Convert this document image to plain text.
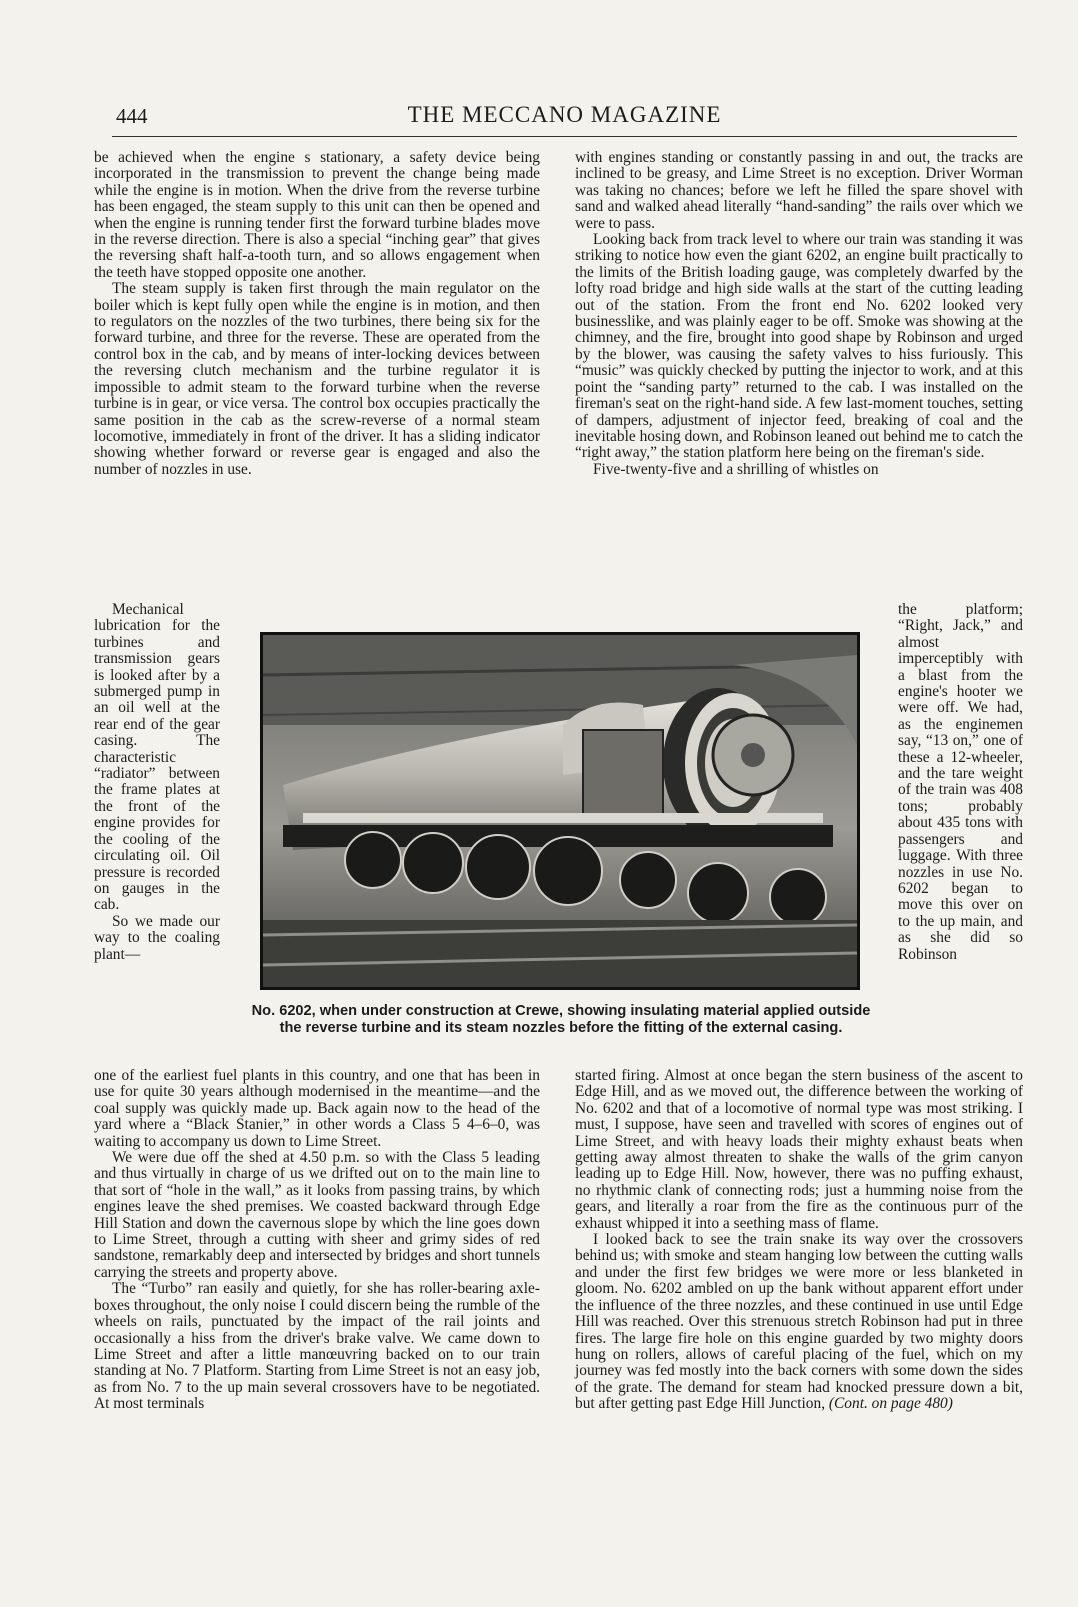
444	THE MECCANO MAGAZINE

be achieved when the engine s stationary, a safety device being incorporated in the transmission to prevent the change being made while the engine is in motion. When the drive from the reverse turbine has been engaged, the steam supply to this unit can then be opened and when the engine is running tender first the forward turbine blades move in the reverse direction. There is also a special “inching gear” that gives the reversing shaft half-a-tooth turn, and so allows engagement when the teeth have stopped opposite one another.

The steam supply is taken first through the main regulator on the boiler which is kept fully open while the engine is in motion, and then to regulators on the nozzles of the two turbines, there being six for the forward turbine, and three for the reverse. These are operated from the control box in the cab, and by means of inter-locking devices between the reversing clutch mechanism and the turbine regulator it is impossible to admit steam to the forward turbine when the reverse turbine is in gear, or vice versa. The control box occupies practically the same position in the cab as the screw-reverse of a normal steam locomotive, immediately in front of the driver. It has a sliding indicator showing whether forward or reverse gear is engaged and also the number of nozzles in use.

Mechanical lubrication for the turbines and transmission gears is looked after by a submerged pump in an oil well at the rear end of the gear casing. The characteristic “radiator” between the frame plates at the front of the engine provides for the cooling of the circulating oil. Oil pressure is recorded on gauges in the cab.

So we made our way to the coaling plant—

No. 6202, when under construction at Crewe, showing insulating material applied outside the reverse turbine and its steam nozzles before the fitting of the external casing.

one of the earliest fuel plants in this country, and one that has been in use for quite 30 years although modernised in the meantime—and the coal supply was quickly made up. Back again now to the head of the yard where a “Black Stanier,” in other words a Class 5 4–6–0, was waiting to accompany us down to Lime Street.

We were due off the shed at 4.50 p.m. so with the Class 5 leading and thus virtually in charge of us we drifted out on to the main line to that sort of “hole in the wall,” as it looks from passing trains, by which engines leave the shed premises. We coasted backward through Edge Hill Station and down the cavernous slope by which the line goes down to Lime Street, through a cutting with sheer and grimy sides of red sandstone, remarkably deep and intersected by bridges and short tunnels carrying the streets and property above.

The “Turbo” ran easily and quietly, for she has roller-bearing axle-boxes throughout, the only noise I could discern being the rumble of the wheels on rails, punctuated by the impact of the rail joints and occasionally a hiss from the driver's brake valve. We came down to Lime Street and after a little manœuvring backed on to our train standing at No. 7 Platform. Starting from Lime Street is not an easy job, as from No. 7 to the up main several crossovers have to be negotiated. At most terminals

with engines standing or constantly passing in and out, the tracks are inclined to be greasy, and Lime Street is no exception. Driver Worman was taking no chances; before we left he filled the spare shovel with sand and walked ahead literally “hand-sanding” the rails over which we were to pass.

Looking back from track level to where our train was standing it was striking to notice how even the giant 6202, an engine built practically to the limits of the British loading gauge, was completely dwarfed by the lofty road bridge and high side walls at the start of the cutting leading out of the station. From the front end No. 6202 looked very businesslike, and was plainly eager to be off. Smoke was showing at the chimney, and the fire, brought into good shape by Robinson and urged by the blower, was causing the safety valves to hiss furiously. This “music” was quickly checked by putting the injector to work, and at this point the “sanding party” returned to the cab. I was installed on the fireman's seat on the right-hand side. A few last-moment touches, setting of dampers, adjustment of injector feed, breaking of coal and the inevitable hosing down, and Robinson leaned out behind me to catch the “right away,” the station platform here being on the fireman's side.

Five-twenty-five and a shrilling of whistles on

the platform; “Right, Jack,” and almost imperceptibly with a blast from the engine's hooter we were off. We had, as the enginemen say, “13 on,” one of these a 12-wheeler, and the tare weight of the train was 408 tons; probably about 435 tons with passengers and luggage. With three nozzles in use No. 6202 began to move this over on to the up main, and as she did so Robinson

started firing. Almost at once began the stern business of the ascent to Edge Hill, and as we moved out, the difference between the working of No. 6202 and that of a locomotive of normal type was most striking. I must, I suppose, have seen and travelled with scores of engines out of Lime Street, and with heavy loads their mighty exhaust beats when getting away almost threaten to shake the walls of the grim canyon leading up to Edge Hill. Now, however, there was no puffing exhaust, no rhythmic clank of connecting rods; just a humming noise from the gears, and literally a roar from the fire as the continuous purr of the exhaust whipped it into a seething mass of flame.

I looked back to see the train snake its way over the crossovers behind us; with smoke and steam hanging low between the cutting walls and under the first few bridges we were more or less blanketed in gloom. No. 6202 ambled on up the bank without apparent effort under the influence of the three nozzles, and these continued in use until Edge Hill was reached. Over this strenuous stretch Robinson had put in three fires. The large fire hole on this engine guarded by two mighty doors hung on rollers, allows of careful placing of the fuel, which on my journey was fed mostly into the back corners with some down the sides of the grate. The demand for steam had knocked pressure down a bit, but after getting past Edge Hill Junction, (Cont. on page 480)
